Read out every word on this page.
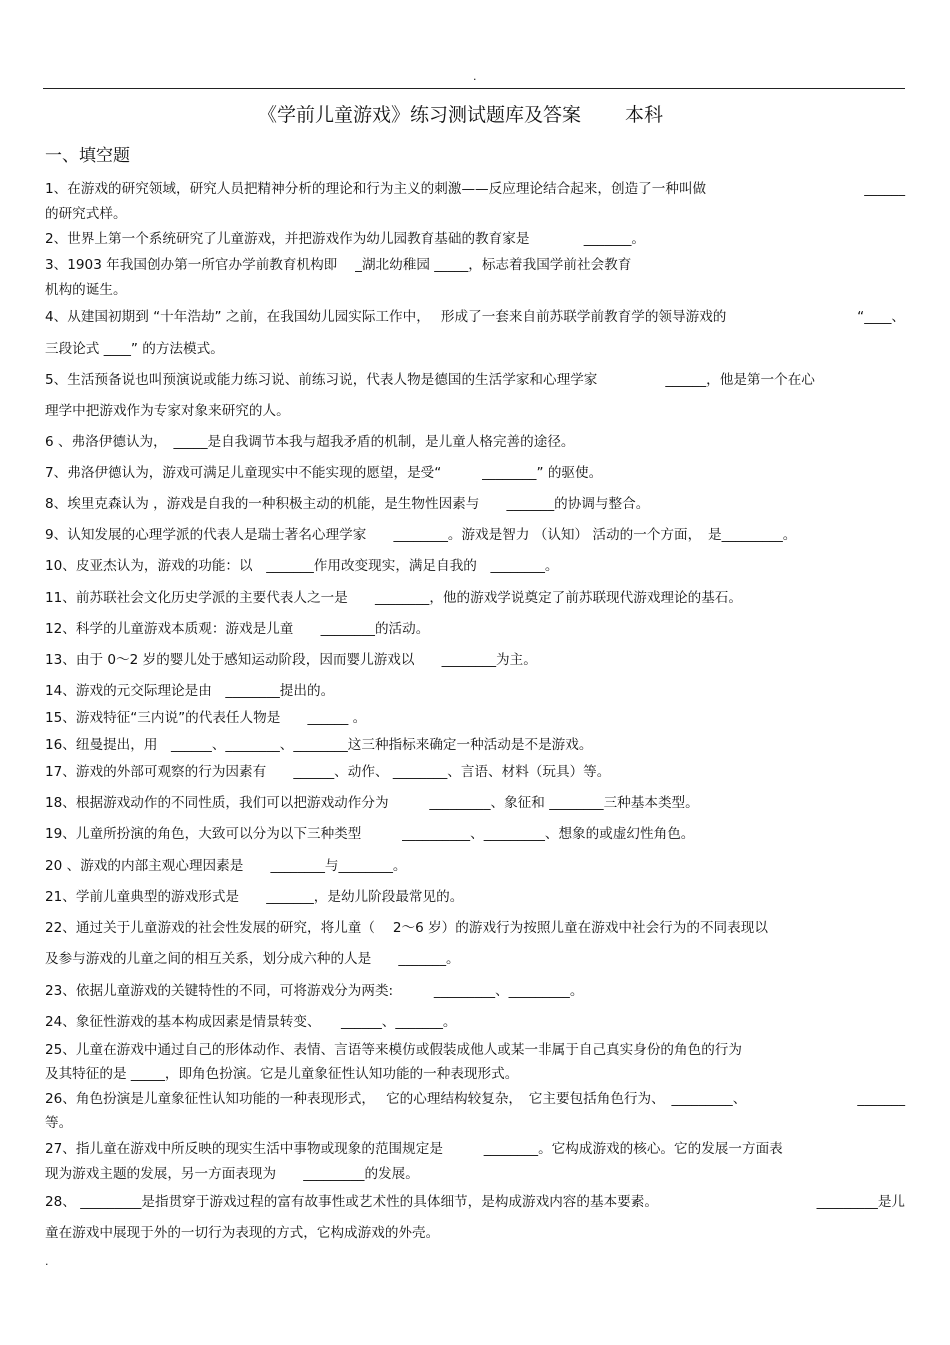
.
《学前儿童游戏》练习测试题库及答案 本科
一、填空题
1、在游戏的研究领域，研究人员把精神分析的理论和行为主义的刺激——反应理论结合起来，创造了一种叫做	______
的研究式样。
2、世界上第一个系统研究了儿童游戏，并把游戏作为幼儿园教育基础的教育家是　　　　_______。
3、1903 年我国创办第一所官办学前教育机构即　 _湖北幼稚园 _____，标志着我国学前社会教育
机构的诞生。
4、从建国初期到 “十年浩劫” 之前，在我国幼儿园实际工作中，　 形成了一套来自前苏联学前教育学的领导游戏的	“____、
三段论式 ____” 的方法模式。
5、生活预备说也叫预演说或能力练习说、前练习说，代表人物是德国的生活学家和心理学家　　　　　______，他是第一个在心
理学中把游戏作为专家对象来研究的人。
6 、弗洛伊德认为，　_____是自我调节本我与超我矛盾的机制，是儿童人格完善的途径。
7、弗洛伊德认为，游戏可满足儿童现实中不能实现的愿望，是受“　　　________” 的驱使。
8、埃里克森认为 ，游戏是自我的一种积极主动的机能，是生物性因素与　　_______的协调与整合。
9、认知发展的心理学派的代表人是瑞士著名心理学家　　________。游戏是智力 （认知） 活动的一个方面，　是_________。
10、皮亚杰认为，游戏的功能：以　_______作用改变现实，满足自我的　________。
11、前苏联社会文化历史学派的主要代表人之一是　　________，他的游戏学说奠定了前苏联现代游戏理论的基石。
12、科学的儿童游戏本质观：游戏是儿童　　________的活动。
13、由于 0～2 岁的婴儿处于感知运动阶段，因而婴儿游戏以　　________为主。
14、游戏的元交际理论是由　________提出的。
15、游戏特征“三内说”的代表任人物是　　______ 。
16、纽曼提出，用　______、________、________这三种指标来确定一种活动是不是游戏。
17、游戏的外部可观察的行为因素有　　______、动作、 ________、言语、材料（玩具）等。
18、根据游戏动作的不同性质，我们可以把游戏动作分为　　　_________、象征和 ________三种基本类型。
19、儿童所扮演的角色，大致可以分为以下三种类型　　　__________、_________、想象的或虚幻性角色。
20 、游戏的内部主观心理因素是　　________与________。
21、学前儿童典型的游戏形式是　　_______，是幼儿阶段最常见的。
22、通过关于儿童游戏的社会性发展的研究，将儿童（　 2～6 岁）的游戏行为按照儿童在游戏中社会行为的不同表现以
及参与游戏的儿童之间的相互关系，划分成六种的人是　　_______。
23、依据儿童游戏的关键特性的不同，可将游戏分为两类:　　　_________、_________。
24、象征性游戏的基本构成因素是情景转变、　　______、_______。
25、儿童在游戏中通过自己的形体动作、表情、言语等来模仿或假装成他人或某一非属于自己真实身份的角色的行为
及其特征的是 _____，即角色扮演。它是儿童象征性认知功能的一种表现形式。
26、角色扮演是儿童象征性认知功能的一种表现形式，　 它的心理结构较复杂，　它主要包括角色行为、　_________、	_______
等。
27、指儿童在游戏中所反映的现实生活中事物或现象的范围规定是　　　________。它构成游戏的核心。它的发展一方面表
现为游戏主题的发展，另一方面表现为　　_________的发展。
28、 _________是指贯穿于游戏过程的富有故事性或艺术性的具体细节，是构成游戏内容的基本要素。	_________是儿
童在游戏中展现于外的一切行为表现的方式，它构成游戏的外壳。
.
